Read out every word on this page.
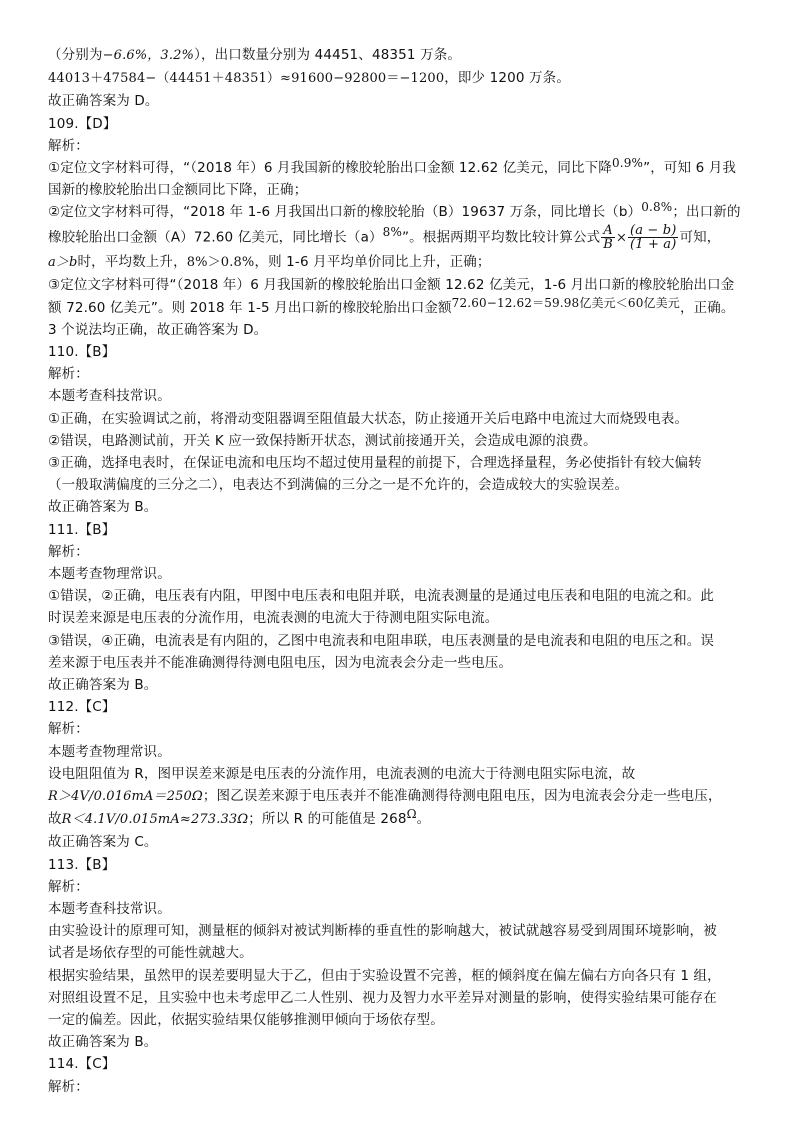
（分别为−6.6%，3.2%），出口数量分别为 44451、48351 万条。
44013＋47584−（44451＋48351）≈91600−92800＝−1200，即少 1200 万条。
故正确答案为 D。
109.【D】
解析：
①定位文字材料可得，“（2018 年）6 月我国新的橡胶轮胎出口金额 12.62 亿美元，同比下降0.9%”，可知 6 月我
国新的橡胶轮胎出口金额同比下降，正确；
②定位文字材料可得，“2018 年 1-6 月我国出口新的橡胶轮胎（B）19637 万条，同比增长（b）0.8%；出口新的
橡胶轮胎出口金额（A）72.60 亿美元，同比增长（a）8%”。根据两期平均数比较计算公式 $\frac{A}{B} \times \frac{(a - b)}{(1 + a)}$ 可知，
a＞b时，平均数上升，8%＞0.8%，则 1-6 月平均单价同比上升，正确；
③定位文字材料可得“（2018 年）6 月我国新的橡胶轮胎出口金额 12.62 亿美元，1-6 月出口新的橡胶轮胎出口金
额 72.60 亿美元”。则 2018 年 1-5 月出口新的橡胶轮胎出口金额72.60−12.62＝59.98亿美元＜60亿美元，正确。
3 个说法均正确，故正确答案为 D。
110.【B】
解析：
本题考查科技常识。
①正确，在实验调试之前，将滑动变阻器调至阻值最大状态，防止接通开关后电路中电流过大而烧毁电表。
②错误，电路测试前，开关 K 应一致保持断开状态，测试前接通开关，会造成电源的浪费。
③正确，选择电表时，在保证电流和电压均不超过使用量程的前提下，合理选择量程，务必使指针有较大偏转
（一般取满偏度的三分之二），电表达不到满偏的三分之一是不允许的，会造成较大的实验误差。
故正确答案为 B。
111.【B】
解析：
本题考查物理常识。
①错误，②正确，电压表有内阻，甲图中电压表和电阻并联，电流表测量的是通过电压表和电阻的电流之和。此
时误差来源是电压表的分流作用，电流表测的电流大于待测电阻实际电流。
③错误，④正确，电流表是有内阻的，乙图中电流表和电阻串联，电压表测量的是电流表和电阻的电压之和。误
差来源于电压表并不能准确测得待测电阻电压，因为电流表会分走一些电压。
故正确答案为 B。
112.【C】
解析：
本题考查物理常识。
设电阻阻值为 R，图甲误差来源是电压表的分流作用，电流表测的电流大于待测电阻实际电流，故
R＞4V/0.016mA＝250Ω；图乙误差来源于电压表并不能准确测得待测电阻电压，因为电流表会分走一些电压，
故R＜4.1V/0.015mA≈273.33Ω；所以 R 的可能值是 268Ω。
故正确答案为 C。
113.【B】
解析：
本题考查科技常识。
由实验设计的原理可知，测量框的倾斜对被试判断棒的垂直性的影响越大，被试就越容易受到周围环境影响，被
试者是场依存型的可能性就越大。
根据实验结果，虽然甲的误差要明显大于乙，但由于实验设置不完善，框的倾斜度在偏左偏右方向各只有 1 组，
对照组设置不足，且实验中也未考虑甲乙二人性别、视力及智力水平差异对测量的影响，使得实验结果可能存在
一定的偏差。因此，依据实验结果仅能够推测甲倾向于场依存型。
故正确答案为 B。
114.【C】
解析：
